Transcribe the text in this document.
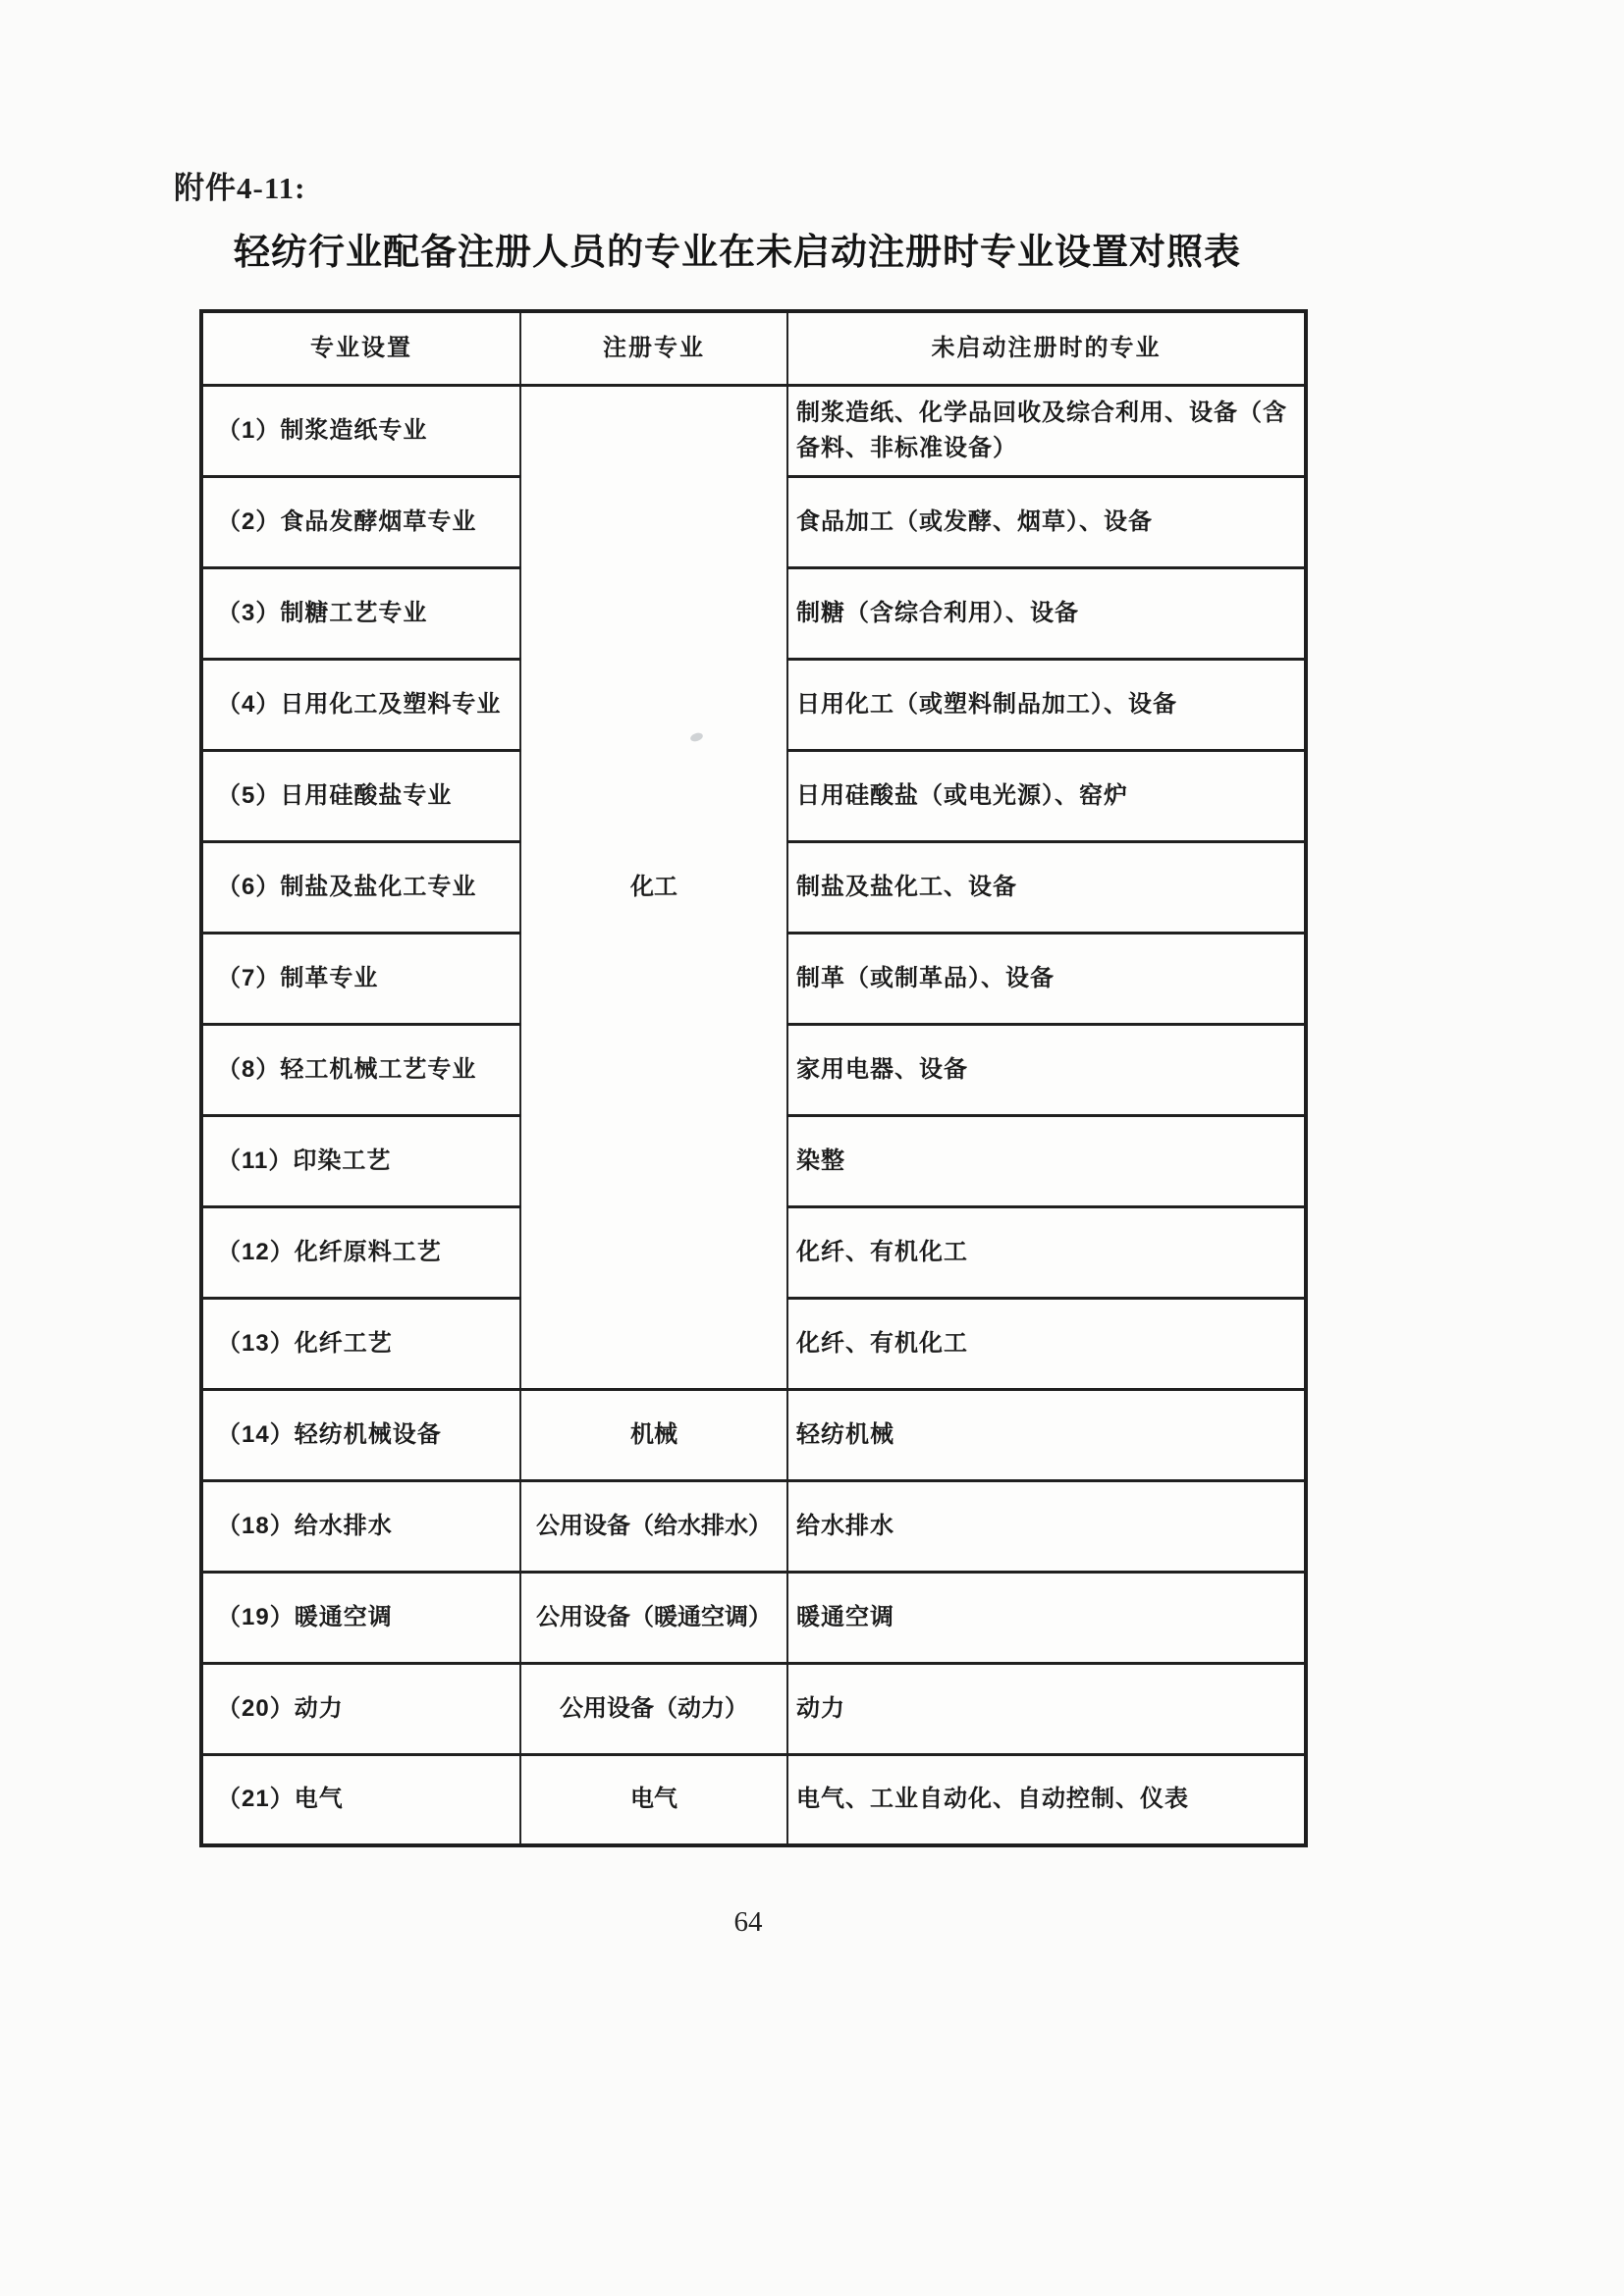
附件4-11:
轻纺行业配备注册人员的专业在未启动注册时专业设置对照表
专业设置	注册专业	未启动注册时的专业
（1）制浆造纸专业	化工	制浆造纸、化学品回收及综合利用、设备（含备料、非标准设备）
（2）食品发酵烟草专业		食品加工（或发酵、烟草）、设备
（3）制糖工艺专业		制糖（含综合利用）、设备
（4）日用化工及塑料专业		日用化工（或塑料制品加工）、设备
（5）日用硅酸盐专业		日用硅酸盐（或电光源）、窑炉
（6）制盐及盐化工专业		制盐及盐化工、设备
（7）制革专业		制革（或制革品）、设备
（8）轻工机械工艺专业		家用电器、设备
（11）印染工艺		染整
（12）化纤原料工艺		化纤、有机化工
（13）化纤工艺		化纤、有机化工
（14）轻纺机械设备	机械	轻纺机械
（18）给水排水	公用设备（给水排水）	给水排水
（19）暖通空调	公用设备（暖通空调）	暖通空调
（20）动力	公用设备（动力）	动力
（21）电气	电气	电气、工业自动化、自动控制、仪表
64
